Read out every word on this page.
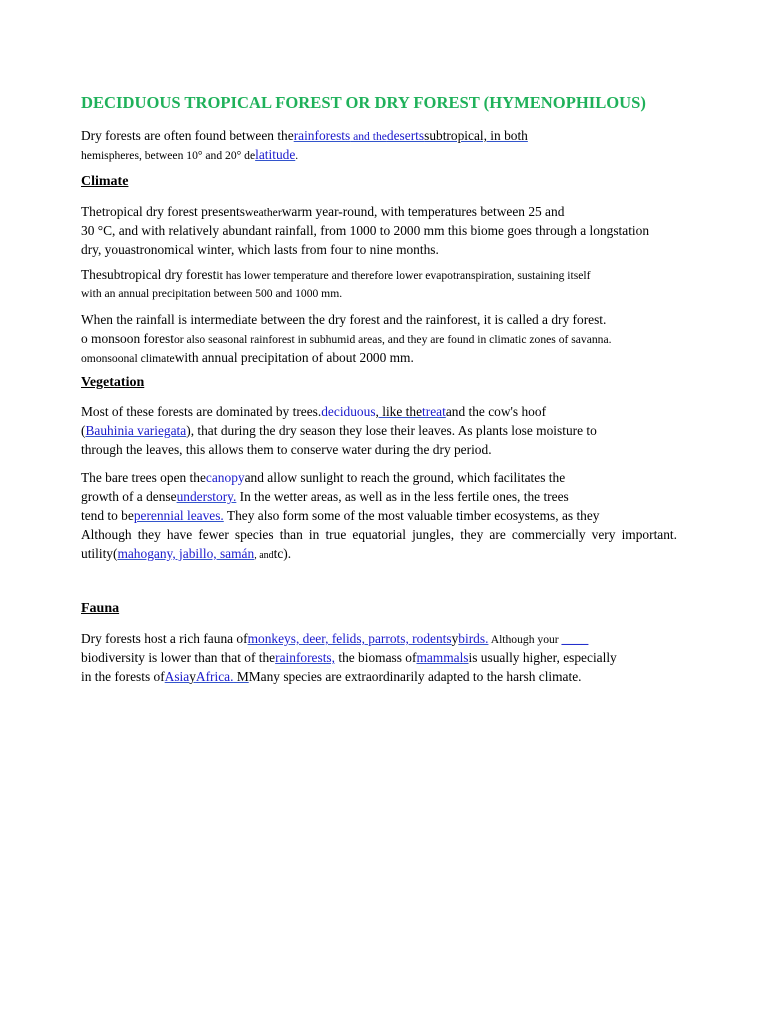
DECIDUOUS TROPICAL FOREST OR DRY FOREST (HYMENOPHILOUS)
Dry forests are often found between therainforests and thedesertssubtropical, in both
hemispheres, between 10° and 20° delatitude.
Climate
Thetropical dry forest presentsweatherwarm year-round, with temperatures between 25 and
30 °C, and with relatively abundant rainfall, from 1000 to 2000 mm this biome goes through a longstation
dry, youastronomical winter, which lasts from four to nine months.
Thesubtropical dry forestit has lower temperature and therefore lower evapotranspiration, sustaining itself
with an annual precipitation between 500 and 1000 mm.
When the rainfall is intermediate between the dry forest and the rainforest, it is called a dry forest.
o monsoon forestor also seasonal rainforest in subhumid areas, and they are found in climatic zones of savanna.
omonsoonal climatewith annual precipitation of about 2000 mm.
Vegetation
Most of these forests are dominated by trees.deciduous, like thetreatand the cow's hoof
(Bauhinia variegata), that during the dry season they lose their leaves. As plants lose moisture to
through the leaves, this allows them to conserve water during the dry period.
The bare trees open thecanopyand allow sunlight to reach the ground, which facilitates the
growth of a denseunderstory. In the wetter areas, as well as in the less fertile ones, the trees
tend to beperennial leaves. They also form some of the most valuable timber ecosystems, as they
Although they have fewer species than in true equatorial jungles, they are commercially very important.
utility(mahogany, jabillo, samán, andtc).
Fauna
Dry forests host a rich fauna ofmonkeys, deer, felids, parrots, rodentsybirds. Although your ____
biodiversity is lower than that of therainforests, the biomass ofmammalsis usually higher, especially
in the forests ofAsiayAfrica. MMany species are extraordinarily adapted to the harsh climate.
